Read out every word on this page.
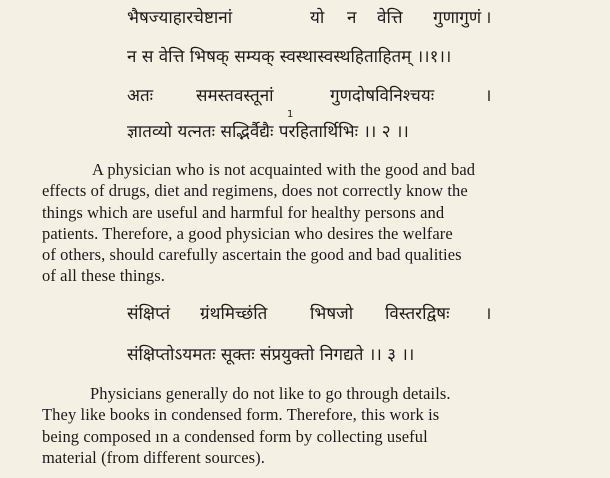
भैषज्याहारचेष्टानां	यो न वेत्ति गुणागुणं ।
न स वेत्ति भिषक् सम्यक् स्वस्थास्वस्थहिताहितम् ।।१।।
अतः	समस्तवस्तूनां	गुणदोषविनिश्चयः	।
1
ज्ञातव्यो यत्नतः सद्भिर्वैद्यैः परहितार्थिभिः ।। २ ।।

A physician who is not acquainted with the good and bad
effects of drugs, diet and regimens, does not correctly know the
things which are useful and harmful for healthy persons and
patients. Therefore, a good physician who desires the welfare
of others, should carefully ascertain the good and bad qualities
of all these things.

संक्षिप्तं ग्रंथमिच्छंति	भिषजो विस्तरद्विषः ।
संक्षिप्तोऽयमतः सूक्तः संप्रयुक्तो निगद्यते ।। ३ ।।

Physicians generally do not like to go through details.
They like books in condensed form. Therefore, this work is
being composed ın a condensed form by collecting useful
material (from different sources).
